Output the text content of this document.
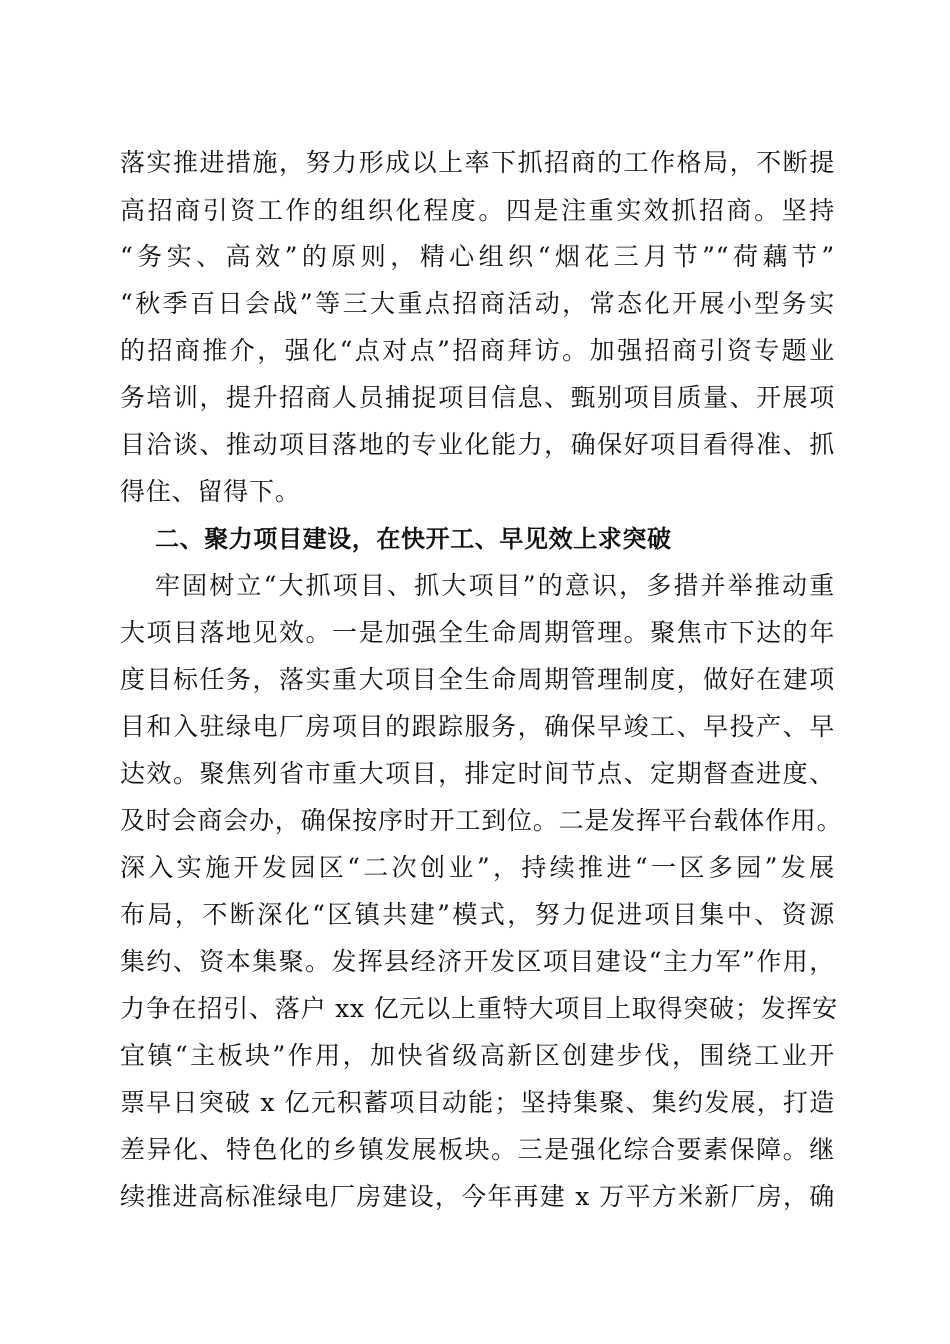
落实推进措施，努力形成以上率下抓招商的工作格局，不断提
高招商引资工作的组织化程度。四是注重实效抓招商。坚持
“务实、高效”的原则，精心组织“烟花三月节”“荷藕节”
“秋季百日会战”等三大重点招商活动，常态化开展小型务实
的招商推介，强化“点对点”招商拜访。加强招商引资专题业
务培训，提升招商人员捕捉项目信息、甄别项目质量、开展项
目洽谈、推动项目落地的专业化能力，确保好项目看得准、抓
得住、留得下。
二、聚力项目建设，在快开工、早见效上求突破
牢固树立“大抓项目、抓大项目”的意识，多措并举推动重
大项目落地见效。一是加强全生命周期管理。聚焦市下达的年
度目标任务，落实重大项目全生命周期管理制度，做好在建项
目和入驻绿电厂房项目的跟踪服务，确保早竣工、早投产、早
达效。聚焦列省市重大项目，排定时间节点、定期督查进度、
及时会商会办，确保按序时开工到位。二是发挥平台载体作用。
深入实施开发园区“二次创业”，持续推进“一区多园”发展
布局，不断深化“区镇共建”模式，努力促进项目集中、资源
集约、资本集聚。发挥县经济开发区项目建设“主力军”作用，
力争在招引、落户 xx 亿元以上重特大项目上取得突破；发挥安
宜镇“主板块”作用，加快省级高新区创建步伐，围绕工业开
票早日突破 x 亿元积蓄项目动能；坚持集聚、集约发展，打造
差异化、特色化的乡镇发展板块。三是强化综合要素保障。继
续推进高标准绿电厂房建设，今年再建 x 万平方米新厂房，确
